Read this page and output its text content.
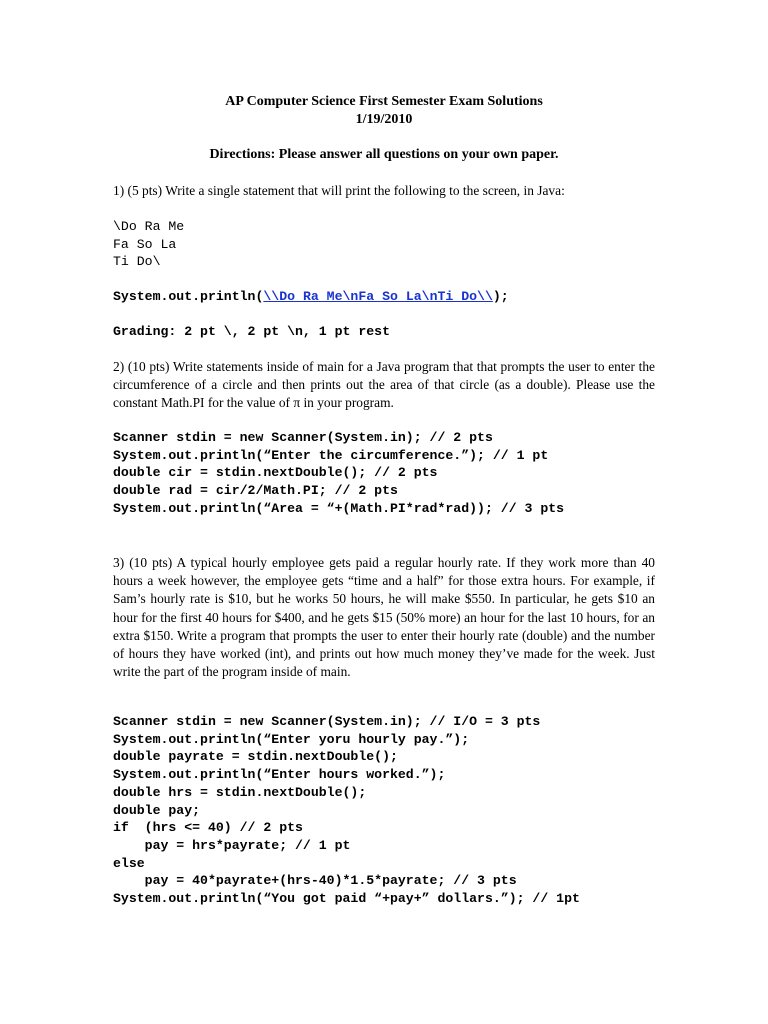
AP Computer Science First Semester Exam Solutions
1/19/2010
Directions: Please answer all questions on your own paper.
1) (5 pts) Write a single statement that will print the following to the screen, in Java:
\Do Ra Me
Fa So La
Ti Do\
System.out.println(\\Do Ra Me\nFa So La\nTi Do\\);
Grading: 2 pt \, 2 pt \n, 1 pt rest
2) (10 pts) Write statements inside of main for a Java program that that prompts the user to enter the circumference of a circle and then prints out the area of that circle (as a double). Please use the constant Math.PI for the value of π in your program.
Scanner stdin = new Scanner(System.in); // 2 pts
System.out.println(“Enter the circumference.”); // 1 pt
double cir = stdin.nextDouble(); // 2 pts
double rad = cir/2/Math.PI; // 2 pts
System.out.println(“Area = “+(Math.PI*rad*rad)); // 3 pts
3) (10 pts) A typical hourly employee gets paid a regular hourly rate. If they work more than 40 hours a week however, the employee gets “time and a half” for those extra hours. For example, if Sam’s hourly rate is $10, but he works 50 hours, he will make $550. In particular, he gets $10 an hour for the first 40 hours for $400, and he gets $15 (50% more) an hour for the last 10 hours, for an extra $150. Write a program that prompts the user to enter their hourly rate (double) and the number of hours they have worked (int), and prints out how much money they’ve made for the week. Just write the part of the program inside of main.
Scanner stdin = new Scanner(System.in); // I/O = 3 pts
System.out.println(“Enter yoru hourly pay.”);
double payrate = stdin.nextDouble();
System.out.println(“Enter hours worked.”);
double hrs = stdin.nextDouble();
double pay;
if  (hrs <= 40) // 2 pts
pay = hrs*payrate; // 1 pt
else
pay = 40*payrate+(hrs-40)*1.5*payrate; // 3 pts
System.out.println(“You got paid “+pay+” dollars.”); // 1pt
